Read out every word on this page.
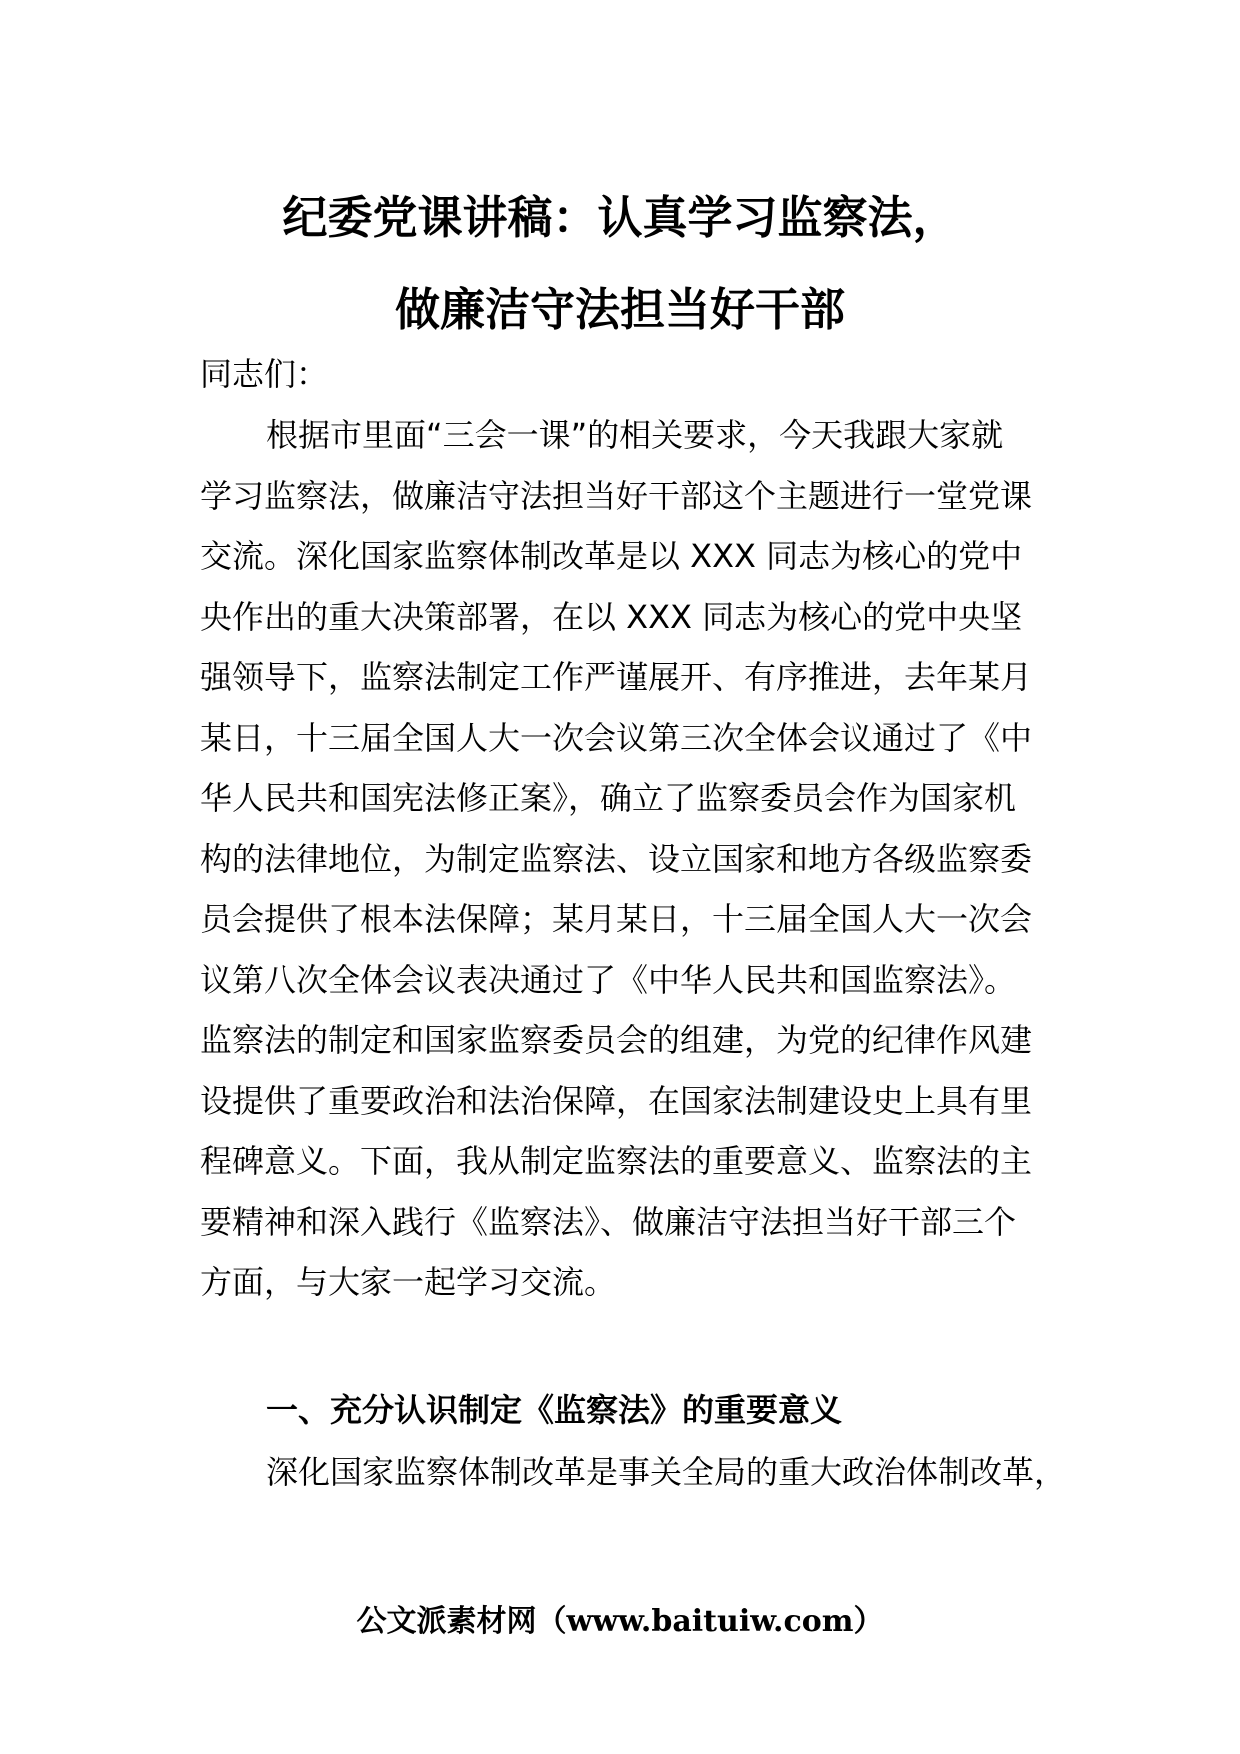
纪委党课讲稿：认真学习监察法，
做廉洁守法担当好干部
同志们：
根据市里面“三会一课”的相关要求，今天我跟大家就
学习监察法，做廉洁守法担当好干部这个主题进行一堂党课
交流。深化国家监察体制改革是以 XXX 同志为核心的党中
央作出的重大决策部署，在以 XXX 同志为核心的党中央坚
强领导下，监察法制定工作严谨展开、有序推进，去年某月
某日，十三届全国人大一次会议第三次全体会议通过了《中
华人民共和国宪法修正案》，确立了监察委员会作为国家机
构的法律地位，为制定监察法、设立国家和地方各级监察委
员会提供了根本法保障；某月某日，十三届全国人大一次会
议第八次全体会议表决通过了《中华人民共和国监察法》。
监察法的制定和国家监察委员会的组建，为党的纪律作风建
设提供了重要政治和法治保障，在国家法制建设史上具有里
程碑意义。下面，我从制定监察法的重要意义、监察法的主
要精神和深入践行《监察法》、做廉洁守法担当好干部三个
方面，与大家一起学习交流。
一、充分认识制定《监察法》的重要意义
深化国家监察体制改革是事关全局的重大政治体制改革，
公文派素材网（www.baituiw.com）
